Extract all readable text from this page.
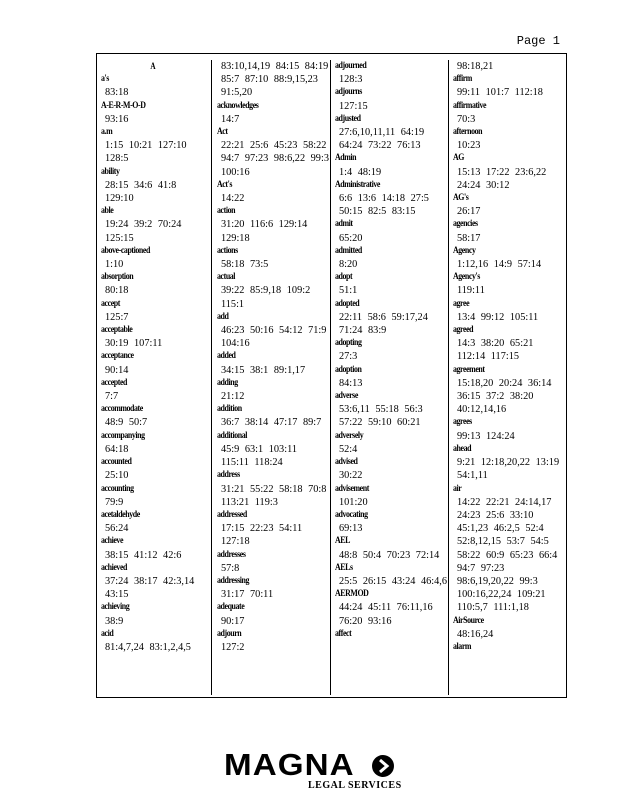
Page 1
A
a's
83:18
A-E-R-M-O-D
93:16
a.m
1:15 10:21 127:10 128:5
ability
28:15 34:6 41:8 129:10
able
19:24 39:2 70:24 125:15
above-captioned
1:10
absorption
80:18
accept
125:7
acceptable
30:19 107:11
acceptance
90:14
accepted
7:7
accommodate
48:9 50:7
accompanying
64:18
accounted
25:10
accounting
79:9
acetaldehyde
56:24
achieve
38:15 41:12 42:6
achieved
37:24 38:17 42:3,14 43:15
achieving
38:9
acid
81:4,7,24 83:1,2,4,5
83:10,14,19 84:15 84:19 85:7 87:10 88:9,15,23 91:5,20
acknowledges
14:7
Act
22:21 25:6 45:23 58:22 94:7 97:23 98:6,22 99:3 100:16
Act's
14:22
action
31:20 116:6 129:14 129:18
actions
58:18 73:5
actual
39:22 85:9,18 109:2 115:1
add
46:23 50:16 54:12 71:9 104:16
added
34:15 38:1 89:1,17
adding
21:12
addition
36:7 38:14 47:17 89:7
additional
45:9 63:1 103:11 115:11 118:24
address
31:21 55:22 58:18 70:8 113:21 119:3
addressed
17:15 22:23 54:11 127:18
addresses
57:8
addressing
31:17 70:11
adequate
90:17
adjourn
127:2
adjourned
128:3
adjourns
127:15
adjusted
27:6,10,11,11 64:19 64:24 73:22 76:13
Admin
1:4 48:19
Administrative
6:6 13:6 14:18 27:5 50:15 82:5 83:15
admit
65:20
admitted
8:20
adopt
51:1
adopted
22:11 58:6 59:17,24 71:24 83:9
adopting
27:3
adoption
84:13
adverse
53:6,11 55:18 56:3 57:22 59:10 60:21
adversely
52:4
advised
30:22
advisement
101:20
advocating
69:13
AEL
48:8 50:4 70:23 72:14
AELs
25:5 26:15 43:24 46:4,6
AERMOD
44:24 45:11 76:11,16 76:20 93:16
affect
98:18,21
affirm
99:11 101:7 112:18
affirmative
70:3
afternoon
10:23
AG
15:13 17:22 23:6,22 24:24 30:12
AG's
26:17
agencies
58:17
Agency
1:12,16 14:9 57:14
Agency's
119:11
agree
13:4 99:12 105:11
agreed
14:3 38:20 65:21 112:14 117:15
agreement
15:18,20 20:24 36:14 36:15 37:2 38:20 40:12,14,16
agrees
99:13 124:24
ahead
9:21 12:18,20,22 13:19 54:1,11
air
14:22 22:21 24:14,17 24:23 25:6 33:10 45:1,23 46:2,5 52:4 52:8,12,15 53:7 54:5 58:22 60:9 65:23 66:4 94:7 97:23 98:6,19,20,22 99:3 100:16,22,24 109:21 110:5,7 111:1,18
AirSource
48:16,24
alarm
MAGNA
LEGAL SERVICES
